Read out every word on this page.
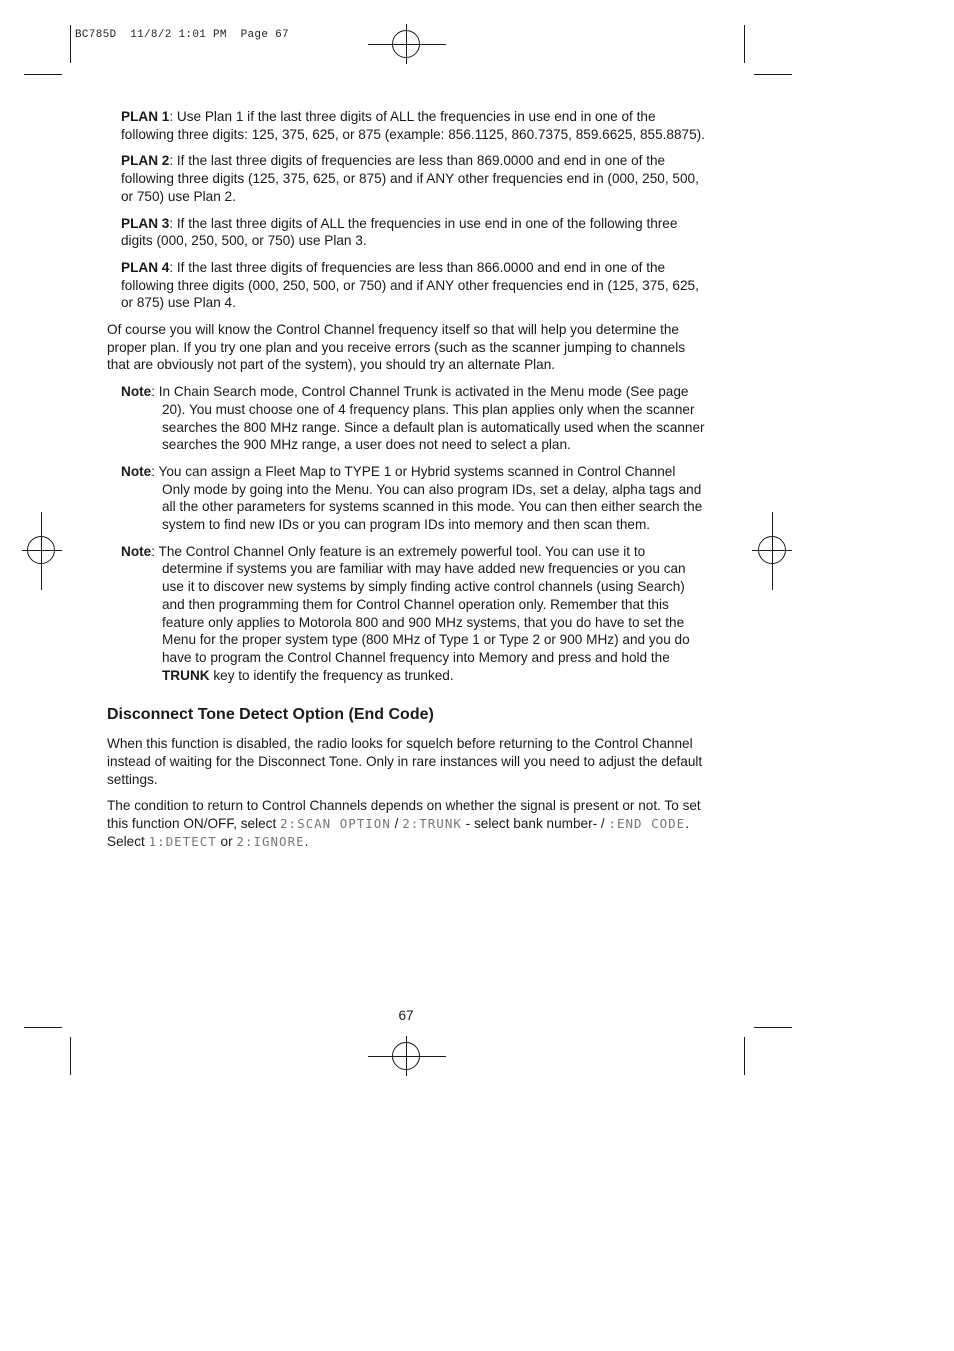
BC785D  11/8/2 1:01 PM  Page 67

PLAN 1: Use Plan 1 if the last three digits of ALL the frequencies in use end in one of the following three digits: 125, 375, 625, or 875 (example: 856.1125, 860.7375, 859.6625, 855.8875).

PLAN 2: If the last three digits of frequencies are less than 869.0000 and end in one of the following three digits (125, 375, 625, or 875) and if ANY other frequencies end in (000, 250, 500, or 750) use Plan 2.

PLAN 3: If the last three digits of ALL the frequencies in use end in one of the following three digits (000, 250, 500, or 750) use Plan 3.

PLAN 4: If the last three digits of frequencies are less than 866.0000 and end in one of the following three digits (000, 250, 500, or 750) and if ANY other frequencies end in (125, 375, 625, or 875) use Plan 4.

Of course you will know the Control Channel frequency itself so that will help you determine the proper plan. If you try one plan and you receive errors (such as the scanner jumping to channels that are obviously not part of the system), you should try an alternate Plan.

Note: In Chain Search mode, Control Channel Trunk is activated in the Menu mode (See page 20). You must choose one of 4 frequency plans. This plan applies only when the scanner searches the 800 MHz range. Since a default plan is automatically used when the scanner searches the 900 MHz range, a user does not need to select a plan.

Note: You can assign a Fleet Map to TYPE 1 or Hybrid systems scanned in Control Channel Only mode by going into the Menu. You can also program IDs, set a delay, alpha tags and all the other parameters for systems scanned in this mode. You can then either search the system to find new IDs or you can program IDs into memory and then scan them.

Note: The Control Channel Only feature is an extremely powerful tool. You can use it to determine if systems you are familiar with may have added new frequencies or you can use it to discover new systems by simply finding active control channels (using Search) and then programming them for Control Channel operation only. Remember that this feature only applies to Motorola 800 and 900 MHz systems, that you do have to set the Menu for the proper system type (800 MHz of Type 1 or Type 2 or 900 MHz) and you do have to program the Control Channel frequency into Memory and press and hold the TRUNK key to identify the frequency as trunked.

Disconnect Tone Detect Option (End Code)

When this function is disabled, the radio looks for squelch before returning to the Control Channel instead of waiting for the Disconnect Tone. Only in rare instances will you need to adjust the default settings.

The condition to return to Control Channels depends on whether the signal is present or not. To set this function ON/OFF, select 2:SCAN OPTION / 2:TRUNK - select bank number- / :END CODE. Select 1:DETECT or 2:IGNORE.

67
